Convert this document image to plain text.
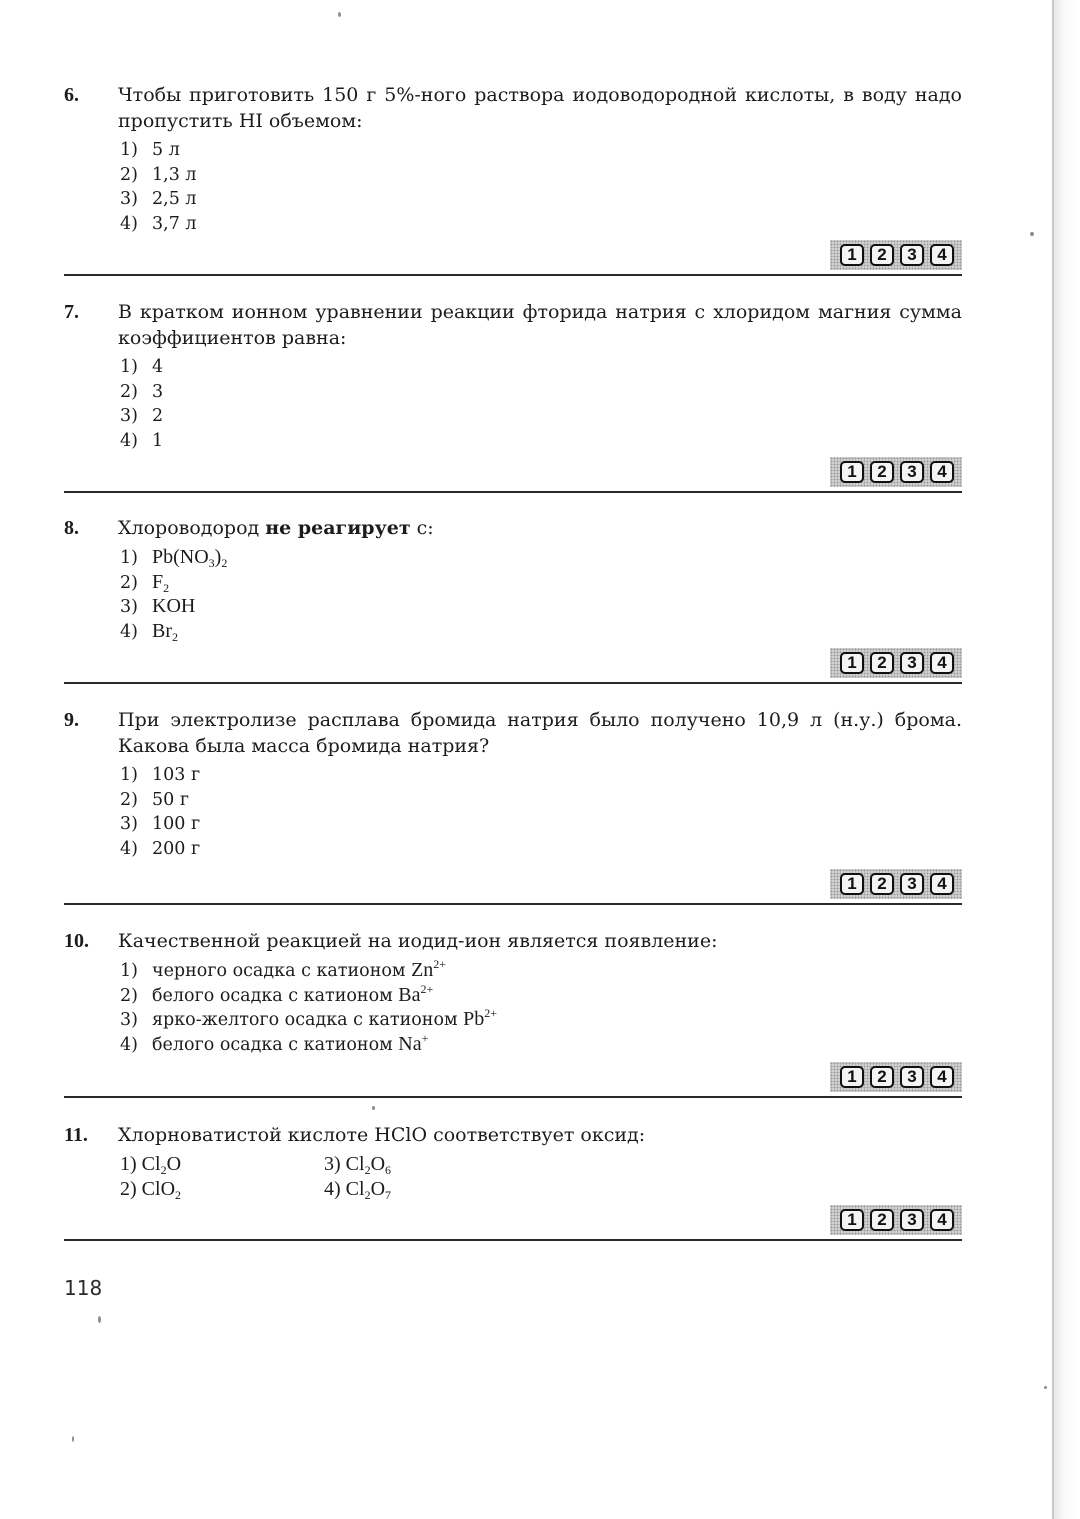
6.	Чтобы приготовить 150 г 5%-ного раствора иодоводородной кислоты, в воду надо пропустить HI объемом:
1) 5 л
2) 1,3 л
3) 2,5 л
4) 3,7 л
1	2	3	4
7.	В кратком ионном уравнении реакции фторида натрия с хлоридом магния сумма коэффициентов равна:
1) 4
2) 3
3) 2
4) 1
1	2	3	4
8.	Хлороводород не реагирует с:
1) $Pb(NO_3)_2$
2) $F_2$
3) KOH
4) $Br_2$
1	2	3	4
9.	При электролизе расплава бромида натрия было получено 10,9 л (н.у.) брома. Какова была масса бромида натрия?
1) 103 г
2) 50 г
3) 100 г
4) 200 г
1	2	3	4
10.	Качественной реакцией на иодид-ион является появление:
1) черного осадка с катионом $Zn^{2+}$
2) белого осадка с катионом $Ba^{2+}$
3) ярко-желтого осадка с катионом $Pb^{2+}$
4) белого осадка с катионом Na+
1	2	3	4
11.	Хлорноватистой кислоте HClO соответствует оксид:
1) $Cl_2O$	3) $Cl_2O_6$
2) ClO$_2$	4) $Cl_2O_7$
1	2	3	4
118
